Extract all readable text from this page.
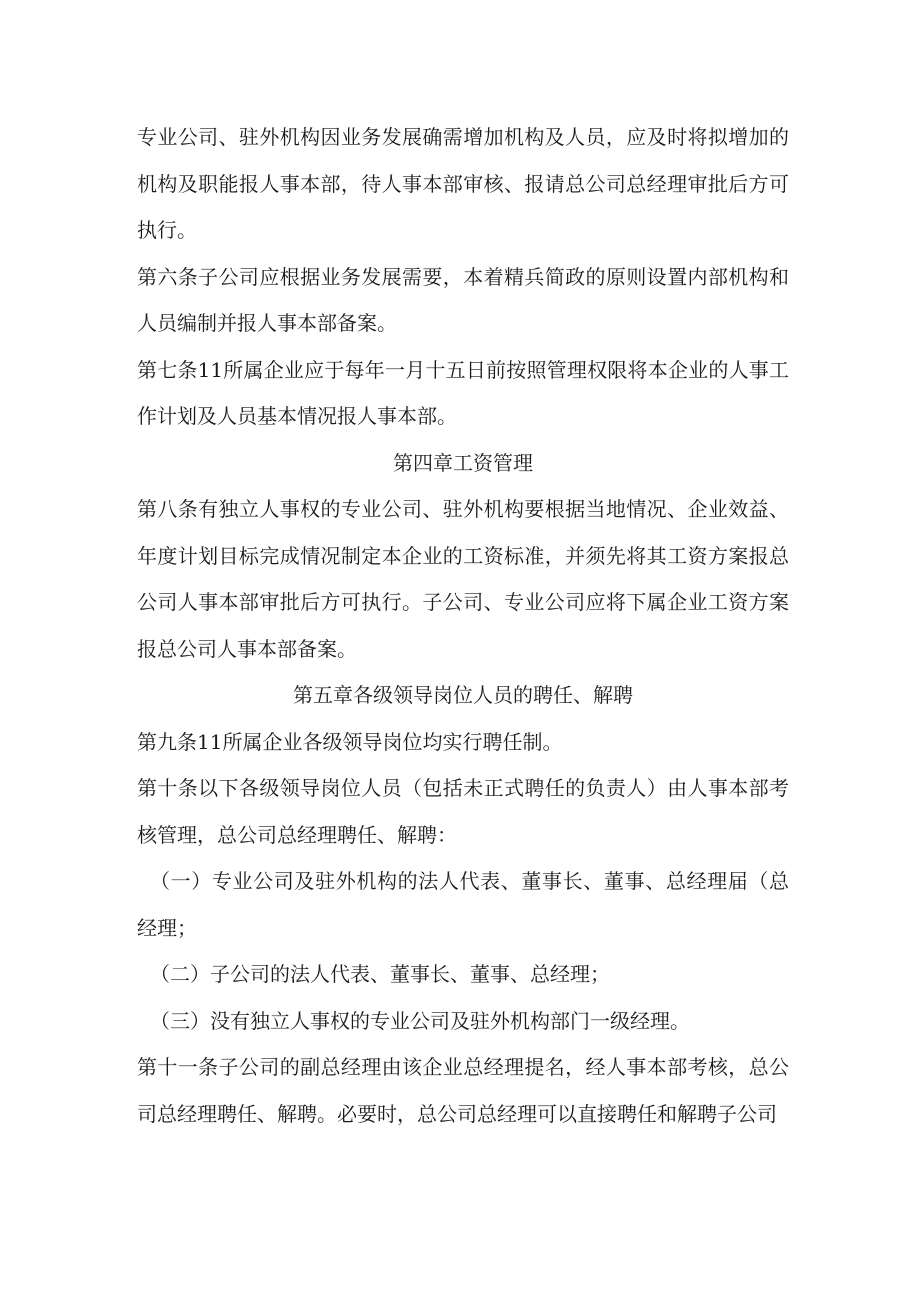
专业公司、驻外机构因业务发展确需增加机构及人员，应及时将拟增加的机构及职能报人事本部，待人事本部审核、报请总公司总经理审批后方可执行。

第六条子公司应根据业务发展需要，本着精兵简政的原则设置内部机构和人员编制并报人事本部备案。

第七条11所属企业应于每年一月十五日前按照管理权限将本企业的人事工作计划及人员基本情况报人事本部。

第四章工资管理

第八条有独立人事权的专业公司、驻外机构要根据当地情况、企业效益、年度计划目标完成情况制定本企业的工资标准，并须先将其工资方案报总公司人事本部审批后方可执行。子公司、专业公司应将下属企业工资方案报总公司人事本部备案。

第五章各级领导岗位人员的聘任、解聘

第九条11所属企业各级领导岗位均实行聘任制。

第十条以下各级领导岗位人员（包括未正式聘任的负责人）由人事本部考核管理，总公司总经理聘任、解聘：

（一）专业公司及驻外机构的法人代表、董事长、董事、总经理届（总经理；

（二）子公司的法人代表、董事长、董事、总经理；

（三）没有独立人事权的专业公司及驻外机构部门一级经理。

第十一条子公司的副总经理由该企业总经理提名，经人事本部考核，总公司总经理聘任、解聘。必要时，总公司总经理可以直接聘任和解聘子公司
